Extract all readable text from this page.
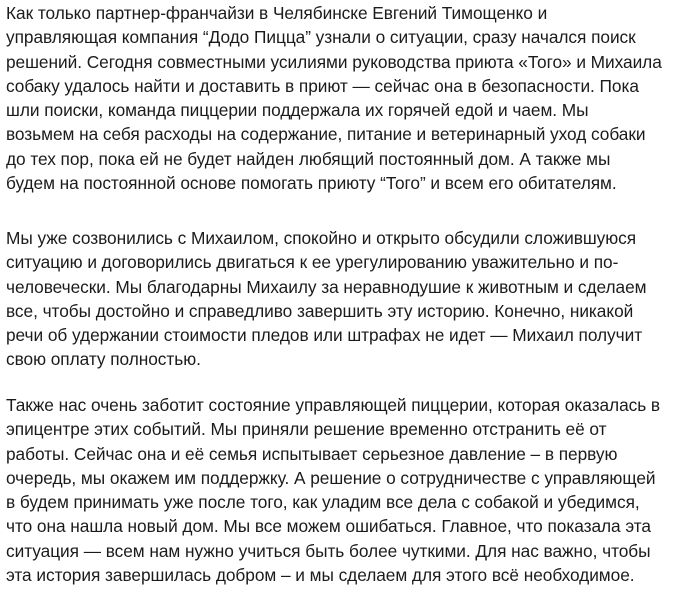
Как только партнер-франчайзи в Челябинске Евгений Тимощенко и
управляющая компания “Додо Пицца” узнали о ситуации, сразу начался поиск
решений. Сегодня совместными усилиями руководства приюта «Того» и Михаила
собаку удалось найти и доставить в приют — сейчас она в безопасности. Пока
шли поиски, команда пиццерии поддержала их горячей едой и чаем. Мы
возьмем на себя расходы на содержание, питание и ветеринарный уход собаки
до тех пор, пока ей не будет найден любящий постоянный дом. А также мы
будем на постоянной основе помогать приюту “Того” и всем его обитателям.

Мы уже созвонились с Михаилом, спокойно и открыто обсудили сложившуюся
ситуацию и договорились двигаться к ее урегулированию уважительно и по-
человечески. Мы благодарны Михаилу за неравнодушие к животным и сделаем
все, чтобы достойно и справедливо завершить эту историю. Конечно, никакой
речи об удержании стоимости пледов или штрафах не идет — Михаил получит
свою оплату полностью.

Также нас очень заботит состояние управляющей пиццерии, которая оказалась в
эпицентре этих событий. Мы приняли решение временно отстранить её от
работы. Сейчас она и её семья испытывает серьезное давление – в первую
очередь, мы окажем им поддержку. А решение о сотрудничестве с управляющей
в будем принимать уже после того, как уладим все дела с собакой и убедимся,
что она нашла новый дом. Мы все можем ошибаться. Главное, что показала эта
ситуация — всем нам нужно учиться быть более чуткими. Для нас важно, чтобы
эта история завершилась добром – и мы сделаем для этого всё необходимое.
